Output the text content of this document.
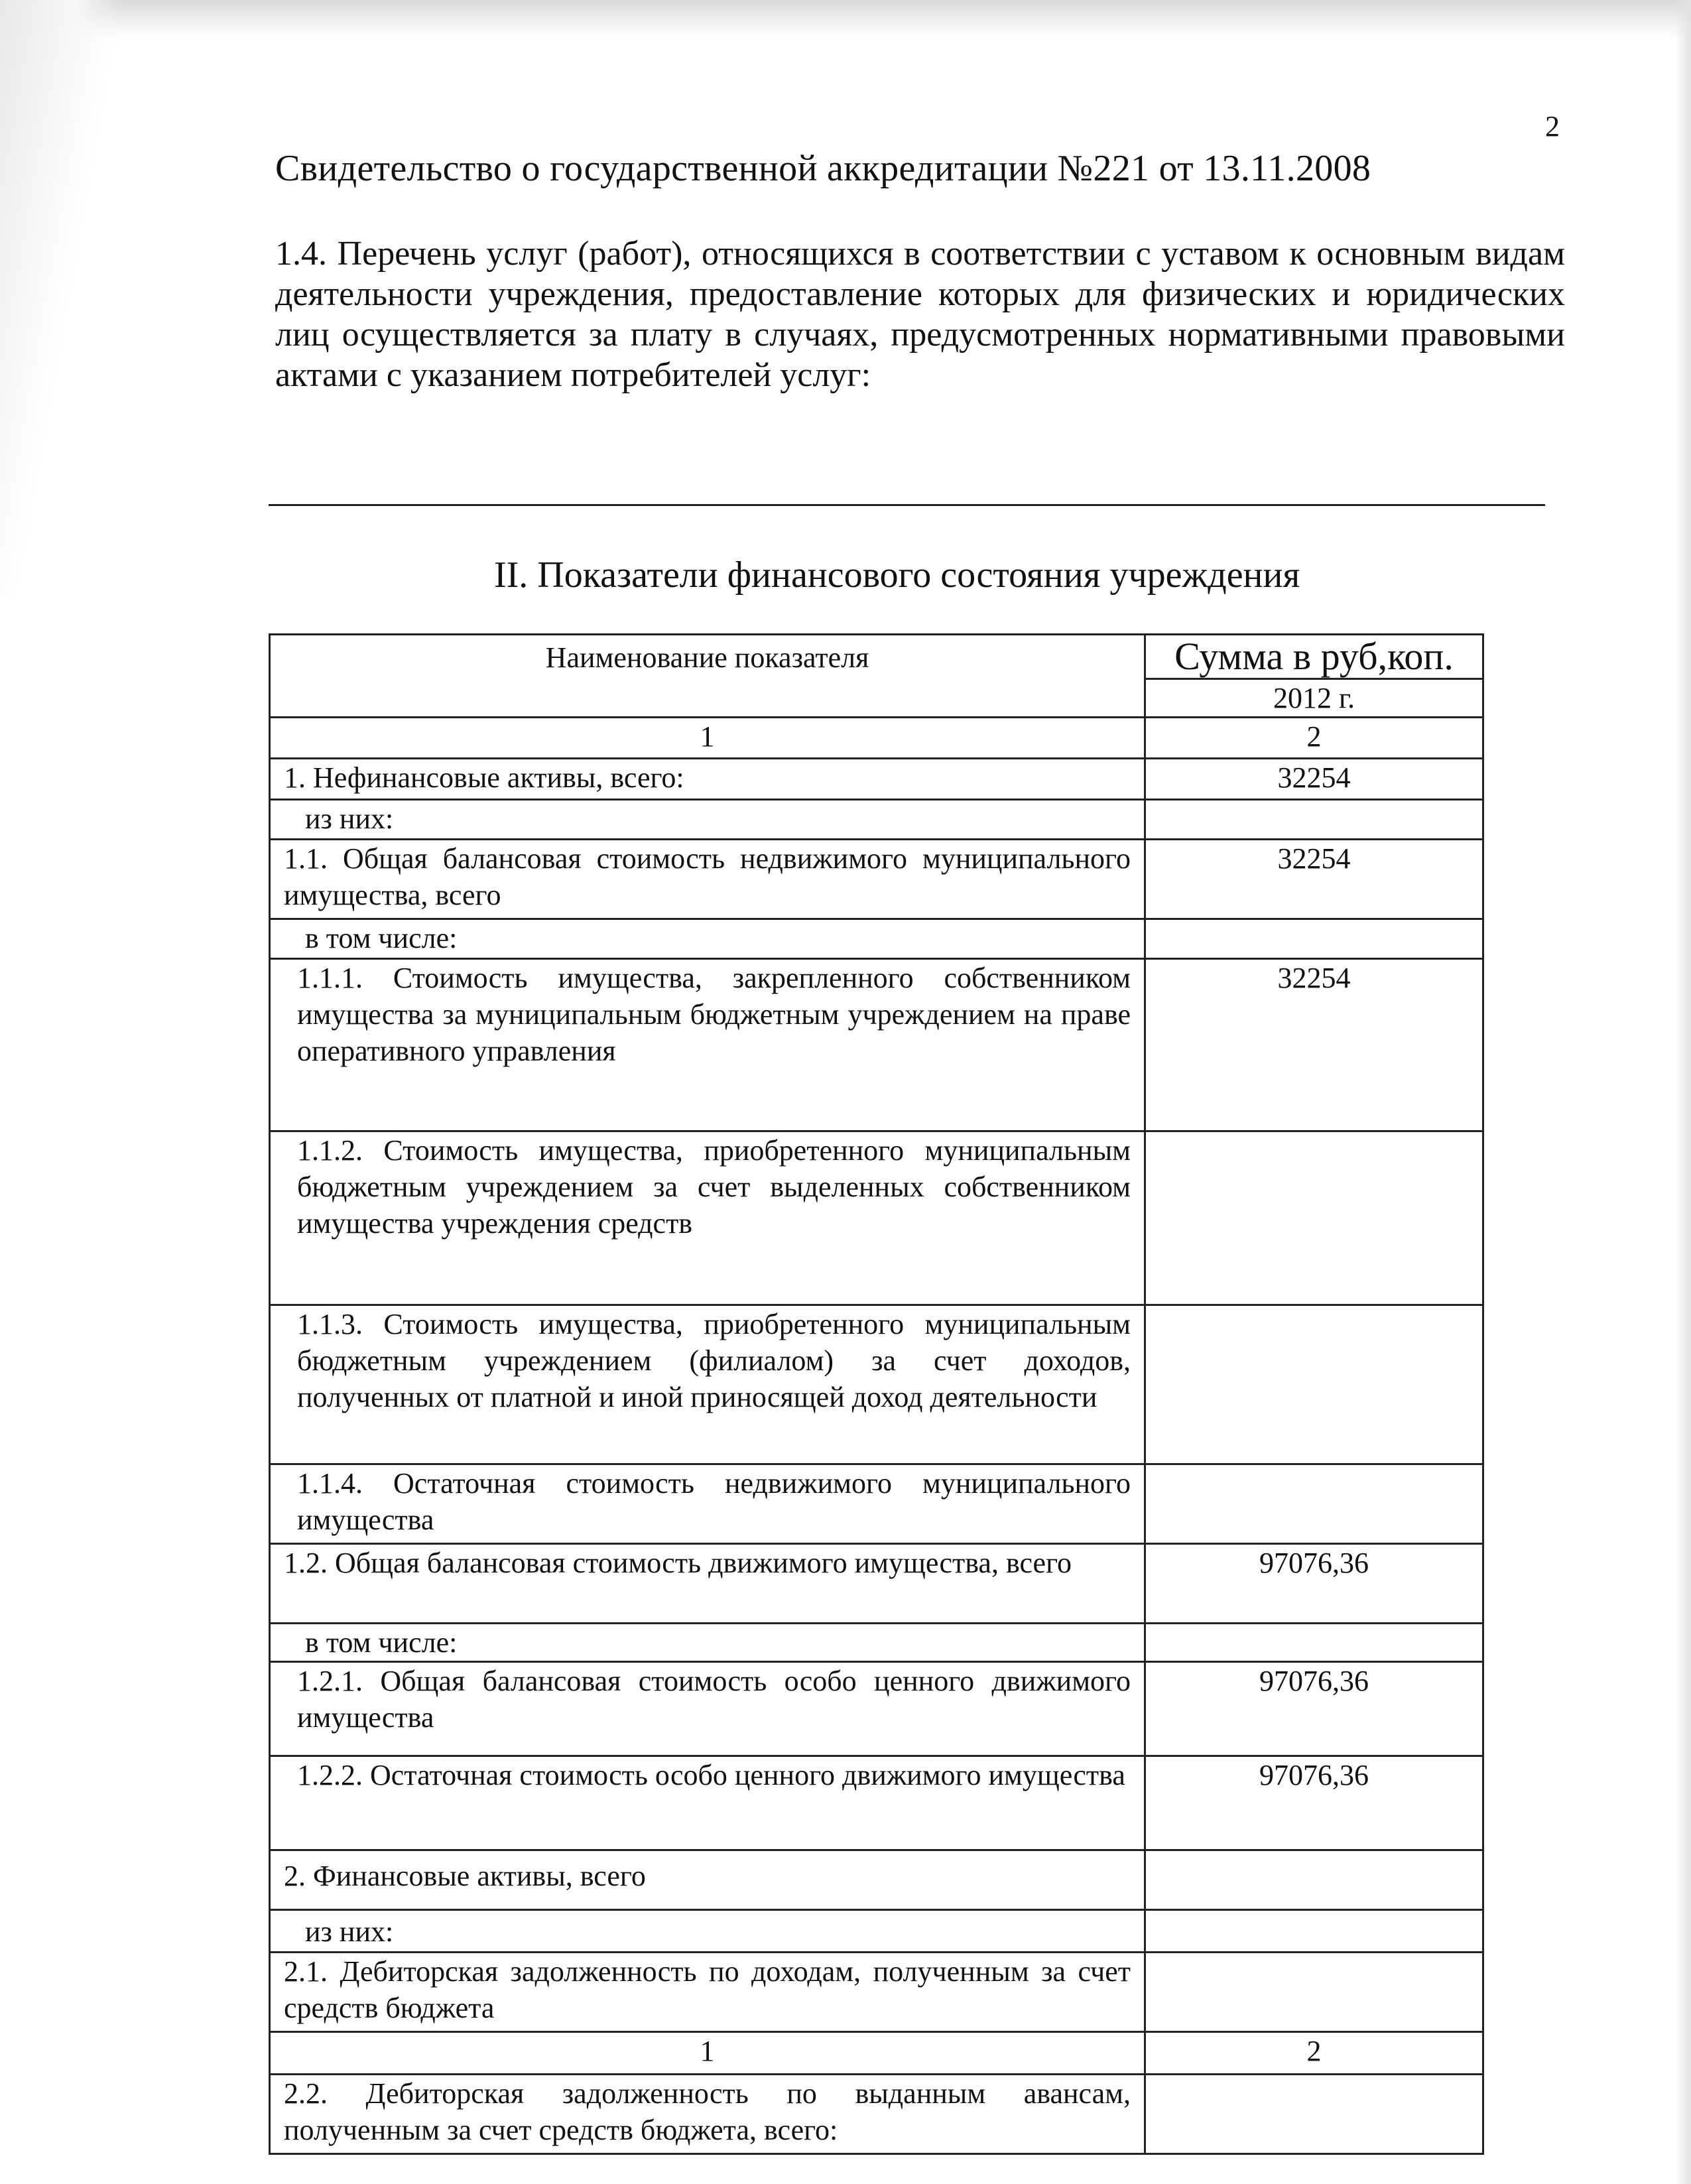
2
Свидетельство о государственной аккредитации №221 от 13.11.2008
1.4. Перечень услуг (работ), относящихся в соответствии с уставом к основным видам деятельности учреждения, предоставление которых для физических и юридических лиц осуществляется за плату в случаях, предусмотренных нормативными правовыми актами с указанием потребителей услуг:
II. Показатели финансового состояния учреждения
Наименование показателя	Сумма в руб,коп.
	2012 г.
1	2
1. Нефинансовые активы, всего:	32254
из них:	
1.1. Общая балансовая стоимость недвижимого муниципального имущества, всего	32254
в том числе:	
1.1.1. Стоимость имущества, закрепленного собственником имущества за муниципальным бюджетным учреждением на праве оперативного управления	32254
1.1.2. Стоимость имущества, приобретенного муниципальным бюджетным учреждением за счет выделенных собственником имущества учреждения средств	
1.1.3. Стоимость имущества, приобретенного муниципальным бюджетным учреждением (филиалом) за счет доходов, полученных от платной и иной приносящей доход деятельности	
1.1.4. Остаточная стоимость недвижимого муниципального имущества	
1.2. Общая балансовая стоимость движимого имущества, всего	97076,36
в том числе:	
1.2.1. Общая балансовая стоимость особо ценного движимого имущества	97076,36
1.2.2. Остаточная стоимость особо ценного движимого имущества	97076,36
2. Финансовые активы, всего	
из них:	
2.1. Дебиторская задолженность по доходам, полученным за счет средств бюджета	
1	2
2.2. Дебиторская задолженность по выданным авансам, полученным за счет средств бюджета, всего:	
